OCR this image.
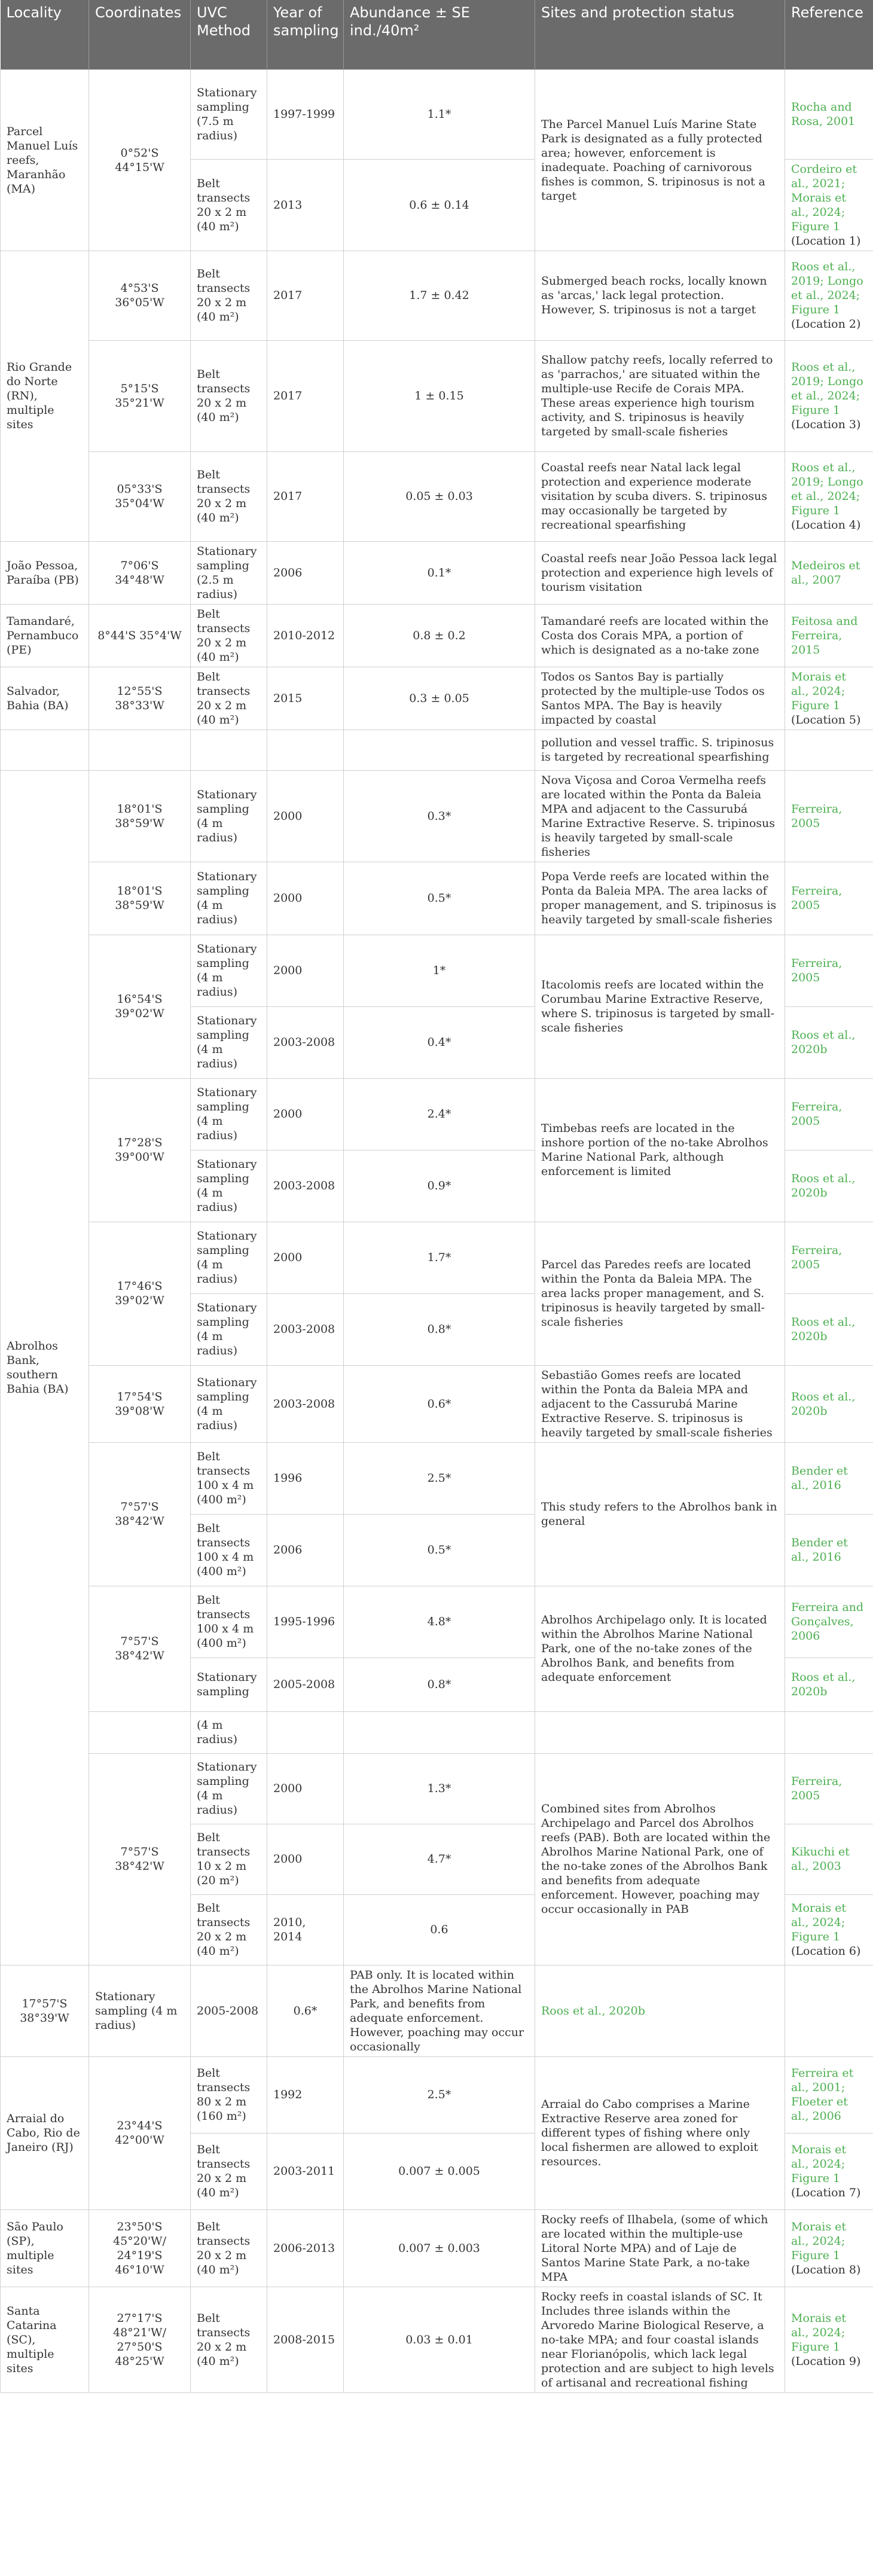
Locality	Coordinates	UVC Method	Year of sampling	Abundance ± SE ind./40m²	Sites and protection status	Reference
Parcel Manuel Luís reefs, Maranhão (MA)	0°52'S 44°15'W	Stationary sampling (7.5 m radius)	1997-1999	1.1*	The Parcel Manuel Luís Marine State Park is designated as a fully protected area; however, enforcement is inadequate. Poaching of carnivorous fishes is common, S. tripinosus is not a target	Rocha and Rosa, 2001
		Belt transects 20 x 2 m (40 m²)	2013	0.6 ± 0.14		Cordeiro et al., 2021; Morais et al., 2024; Figure 1 (Location 1)
Rio Grande do Norte (RN), multiple sites	4°53'S 36°05'W	Belt transects 20 x 2 m (40 m²)	2017	1.7 ± 0.42	Submerged beach rocks, locally known as 'arcas,' lack legal protection. However, S. tripinosus is not a target	Roos et al., 2019; Longo et al., 2024; Figure 1 (Location 2)
	5°15'S 35°21'W	Belt transects 20 x 2 m (40 m²)	2017	1 ± 0.15	Shallow patchy reefs, locally referred to as 'parrachos,' are situated within the multiple-use Recife de Corais MPA. These areas experience high tourism activity, and S. tripinosus is heavily targeted by small-scale fisheries	Roos et al., 2019; Longo et al., 2024; Figure 1 (Location 3)
	05°33'S 35°04'W	Belt transects 20 x 2 m (40 m²)	2017	0.05 ± 0.03	Coastal reefs near Natal lack legal protection and experience moderate visitation by scuba divers. S. tripinosus may occasionally be targeted by recreational spearfishing	Roos et al., 2019; Longo et al., 2024; Figure 1 (Location 4)
João Pessoa, Paraíba (PB)	7°06'S 34°48'W	Stationary sampling (2.5 m radius)	2006	0.1*	Coastal reefs near João Pessoa lack legal protection and experience high levels of tourism visitation	Medeiros et al., 2007
Tamandaré, Pernambuco (PE)	8°44'S 35°4'W	Belt transects 20 x 2 m (40 m²)	2010-2012	0.8 ± 0.2	Tamandaré reefs are located within the Costa dos Corais MPA, a portion of which is designated as a no-take zone	Feitosa and Ferreira, 2015
Salvador, Bahia (BA)	12°55'S 38°33'W	Belt transects 20 x 2 m (40 m²)	2015	0.3 ± 0.05	Todos os Santos Bay is partially protected by the multiple-use Todos os Santos MPA. The Bay is heavily impacted by coastal	Morais et al., 2024; Figure 1 (Location 5)
					pollution and vessel traffic. S. tripinosus is targeted by recreational spearfishing	
Abrolhos Bank, southern Bahia (BA)	18°01'S 38°59'W	Stationary sampling (4 m radius)	2000	0.3*	Nova Viçosa and Coroa Vermelha reefs are located within the Ponta da Baleia MPA and adjacent to the Cassurubá Marine Extractive Reserve. S. tripinosus is heavily targeted by small-scale fisheries	Ferreira, 2005
	18°01'S 38°59'W	Stationary sampling (4 m radius)	2000	0.5*	Popa Verde reefs are located within the Ponta da Baleia MPA. The area lacks of proper management, and S. tripinosus is heavily targeted by small-scale fisheries	Ferreira, 2005
	16°54'S 39°02'W	Stationary sampling (4 m radius)	2000	1*	Itacolomis reefs are located within the Corumbau Marine Extractive Reserve, where S. tripinosus is targeted by small-scale fisheries	Ferreira, 2005
		Stationary sampling (4 m radius)	2003-2008	0.4*		Roos et al., 2020b
	17°28'S 39°00'W	Stationary sampling (4 m radius)	2000	2.4*	Timbebas reefs are located in the inshore portion of the no-take Abrolhos Marine National Park, although enforcement is limited	Ferreira, 2005
		Stationary sampling (4 m radius)	2003-2008	0.9*		Roos et al., 2020b
	17°46'S 39°02'W	Stationary sampling (4 m radius)	2000	1.7*	Parcel das Paredes reefs are located within the Ponta da Baleia MPA. The area lacks proper management, and S. tripinosus is heavily targeted by small-scale fisheries	Ferreira, 2005
		Stationary sampling (4 m radius)	2003-2008	0.8*		Roos et al., 2020b
	17°54'S 39°08'W	Stationary sampling (4 m radius)	2003-2008	0.6*	Sebastião Gomes reefs are located within the Ponta da Baleia MPA and adjacent to the Cassurubá Marine Extractive Reserve. S. tripinosus is heavily targeted by small-scale fisheries	Roos et al., 2020b
	7°57'S 38°42'W	Belt transects 100 x 4 m (400 m²)	1996	2.5*	This study refers to the Abrolhos bank in general	Bender et al., 2016
		Belt transects 100 x 4 m (400 m²)	2006	0.5*		Bender et al., 2016
	7°57'S 38°42'W	Belt transects 100 x 4 m (400 m²)	1995-1996	4.8*	Abrolhos Archipelago only. It is located within the Abrolhos Marine National Park, one of the no-take zones of the Abrolhos Bank, and benefits from adequate enforcement	Ferreira and Gonçalves, 2006
		Stationary sampling	2005-2008	0.8*		Roos et al., 2020b
		(4 m radius)				
	7°57'S 38°42'W	Stationary sampling (4 m radius)	2000	1.3*	Combined sites from Abrolhos Archipelago and Parcel dos Abrolhos reefs (PAB). Both are located within the Abrolhos Marine National Park, one of the no-take zones of the Abrolhos Bank and benefits from adequate enforcement. However, poaching may occur occasionally in PAB	Ferreira, 2005
		Belt transects 10 x 2 m (20 m²)	2000	4.7*		Kikuchi et al., 2003
		Belt transects 20 x 2 m (40 m²)	2010, 2014	0.6		Morais et al., 2024; Figure 1 (Location 6)
17°57'S 38°39'W	Stationary sampling (4 m radius)	2005-2008	0.6*	PAB only. It is located within the Abrolhos Marine National Park, and benefits from adequate enforcement. However, poaching may occur occasionally	Roos et al., 2020b	
Arraial do Cabo, Rio de Janeiro (RJ)	23°44'S 42°00'W	Belt transects 80 x 2 m (160 m²)	1992	2.5*	Arraial do Cabo comprises a Marine Extractive Reserve area zoned for different types of fishing where only local fishermen are allowed to exploit resources.	Ferreira et al., 2001; Floeter et al., 2006
		Belt transects 20 x 2 m (40 m²)	2003-2011	0.007 ± 0.005		Morais et al., 2024; Figure 1 (Location 7)
São Paulo (SP), multiple sites	23°50'S 45°20'W/ 24°19'S 46°10'W	Belt transects 20 x 2 m (40 m²)	2006-2013	0.007 ± 0.003	Rocky reefs of Ilhabela, (some of which are located within the multiple-use Litoral Norte MPA) and of Laje de Santos Marine State Park, a no-take MPA	Morais et al., 2024; Figure 1 (Location 8)
Santa Catarina (SC), multiple sites	27°17'S 48°21'W/ 27°50'S 48°25'W	Belt transects 20 x 2 m (40 m²)	2008-2015	0.03 ± 0.01	Rocky reefs in coastal islands of SC. It Includes three islands within the Arvoredo Marine Biological Reserve, a no-take MPA; and four coastal islands near Florianópolis, which lack legal protection and are subject to high levels of artisanal and recreational fishing	Morais et al., 2024; Figure 1 (Location 9)
